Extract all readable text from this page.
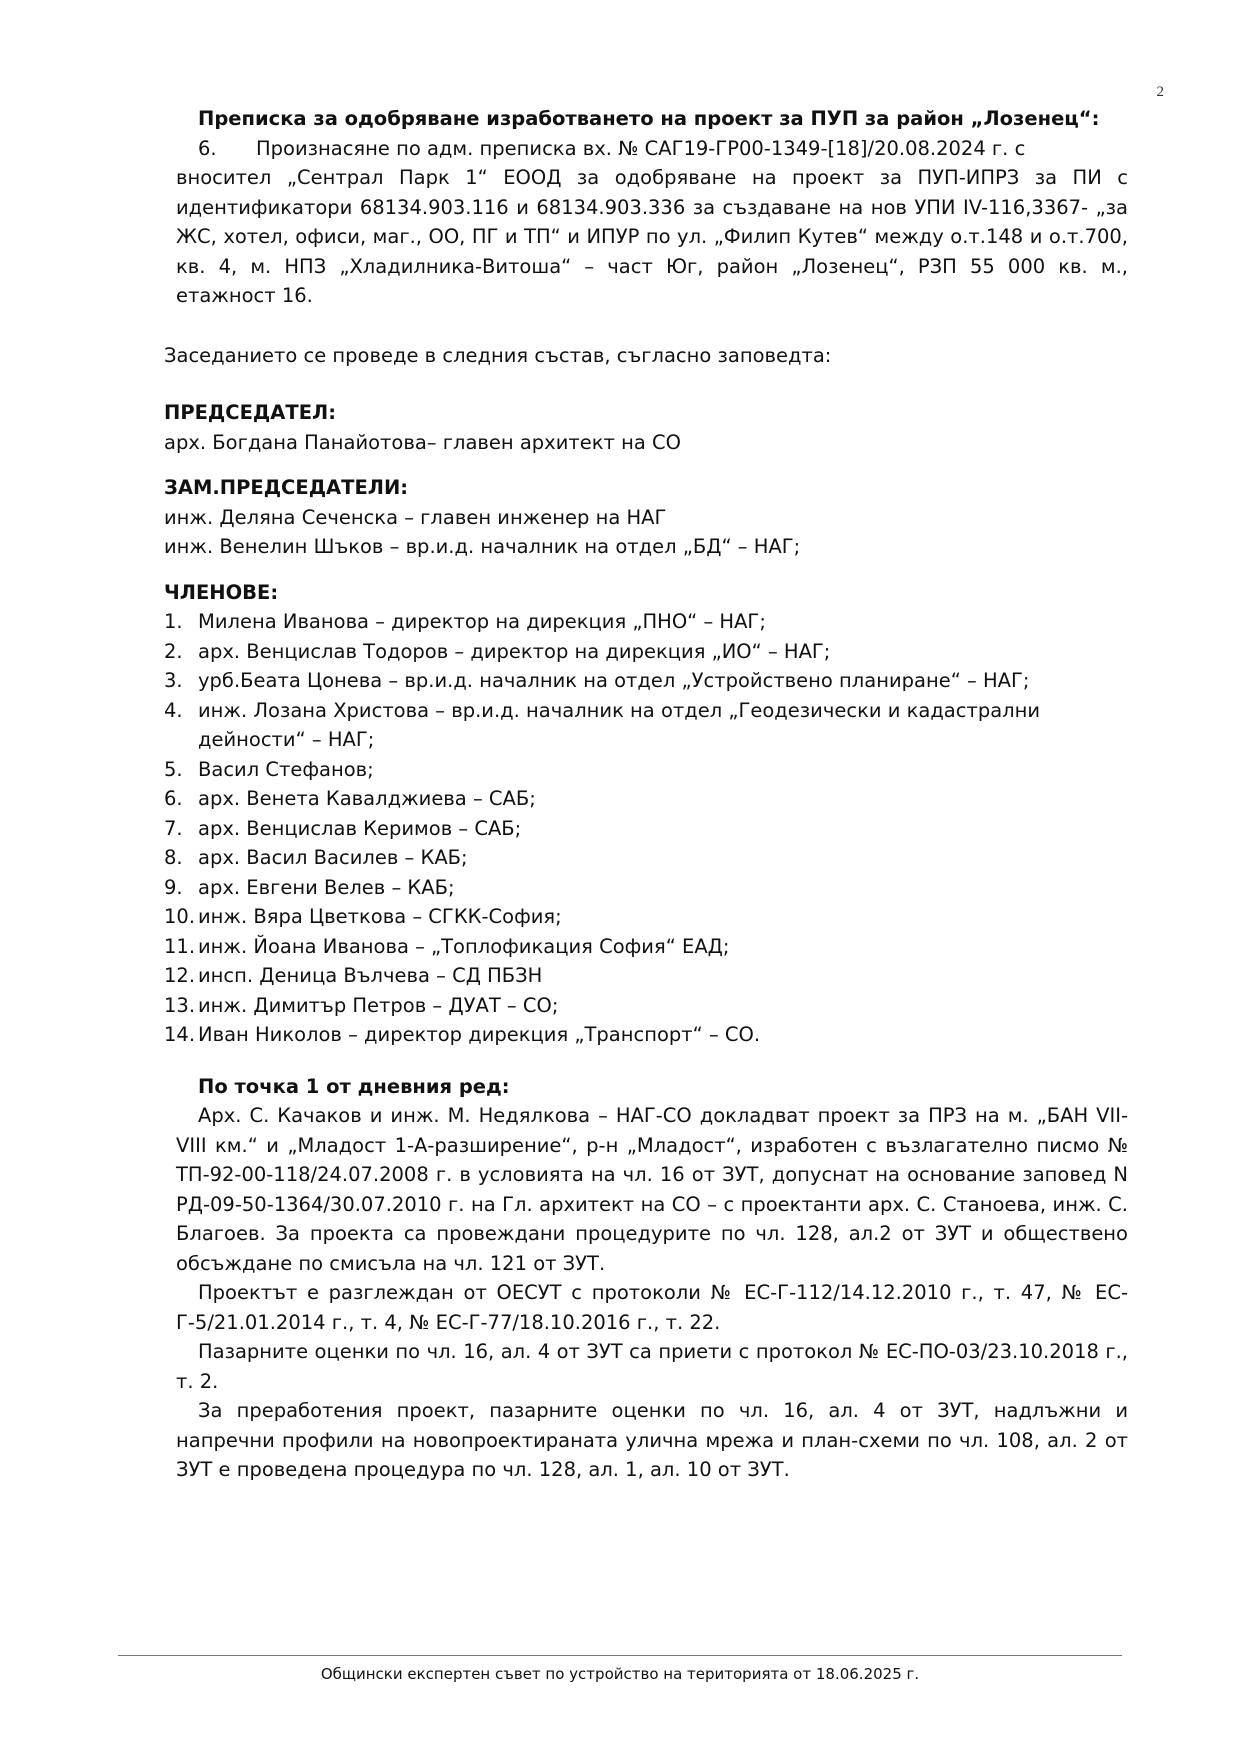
2
Преписка за одобряване изработването на проект за ПУП за район „Лозенец“:
6.	Произнасяне по адм. преписка вх. № САГ19-ГР00-1349-[18]/20.08.2024 г. с
вносител „Сентрал Парк 1“ ЕООД за одобряване на проект за ПУП-ИПРЗ за ПИ с идентификатори 68134.903.116 и 68134.903.336 за създаване на нов УПИ IV-116,3367- „за ЖС, хотел, офиси, маг., ОО, ПГ и ТП“ и ИПУР по ул. „Филип Кутев“ между о.т.148 и о.т.700, кв. 4, м. НПЗ „Хладилника-Витоша“ – част Юг, район „Лозенец“, РЗП 55 000 кв. м., етажност 16.
Заседанието се проведе в следния състав, съгласно заповедта:
ПРЕДСЕДАТЕЛ:
арх. Богдана Панайотова– главен архитект на СО
ЗАМ.ПРЕДСЕДАТЕЛИ:
инж. Деляна Сеченска – главен инженер на НАГ
инж. Венелин Шъков – вр.и.д. началник на отдел „БД“ – НАГ;
ЧЛЕНОВЕ:
1. Милена Иванова – директор на дирекция „ПНО“ – НАГ;
2. арх. Венцислав Тодоров – директор на дирекция „ИО“ – НАГ;
3. урб.Беата Цонева – вр.и.д. началник на отдел „Устройствено планиране“ – НАГ;
4. инж. Лозана Христова – вр.и.д. началник на отдел „Геодезически и кадастрални дейности“ – НАГ;
5. Васил Стефанов;
6. арх. Венета Кавалджиева – САБ;
7. арх. Венцислав Керимов – САБ;
8. арх. Васил Василев – КАБ;
9. арх. Евгени Велев – КАБ;
10. инж. Вяра Цветкова – СГКК-София;
11. инж. Йоана Иванова – „Топлофикация София“ ЕАД;
12. инсп. Деница Вълчева – СД ПБЗН
13. инж. Димитър Петров – ДУАТ – СО;
14. Иван Николов – директор дирекция „Транспорт“ – СО.
По точка 1 от дневния ред:
Арх. С. Качаков и инж. М. Недялкова – НАГ-СО докладват проект за ПРЗ на м. „БАН VII-VIII км.“ и „Младост 1-А-разширение“, р-н „Младост“, изработен с възлагателно писмо № ТП-92-00-118/24.07.2008 г. в условията на чл. 16 от ЗУТ, допуснат на основание заповед N РД-09-50-1364/30.07.2010 г. на Гл. архитект на СО – с проектанти арх. С. Станоева, инж. С. Благоев. За проекта са провеждани процедурите по чл. 128, ал.2 от ЗУТ и обществено обсъждане по смисъла на чл. 121 от ЗУТ.
Проектът е разглеждан от ОЕСУТ с протоколи № ЕС-Г-112/14.12.2010 г., т. 47, № ЕС-Г-5/21.01.2014 г., т. 4, № ЕС-Г-77/18.10.2016 г., т. 22.
Пазарните оценки по чл. 16, ал. 4 от ЗУТ са приети с протокол № ЕС-ПО-03/23.10.2018 г., т. 2.
За преработения проект, пазарните оценки по чл. 16, ал. 4 от ЗУТ, надлъжни и напречни профили на новопроектираната улична мрежа и план-схеми по чл. 108, ал. 2 от ЗУТ е проведена процедура по чл. 128, ал. 1, ал. 10 от ЗУТ.
Общински експертен съвет по устройство на територията от 18.06.2025 г.
